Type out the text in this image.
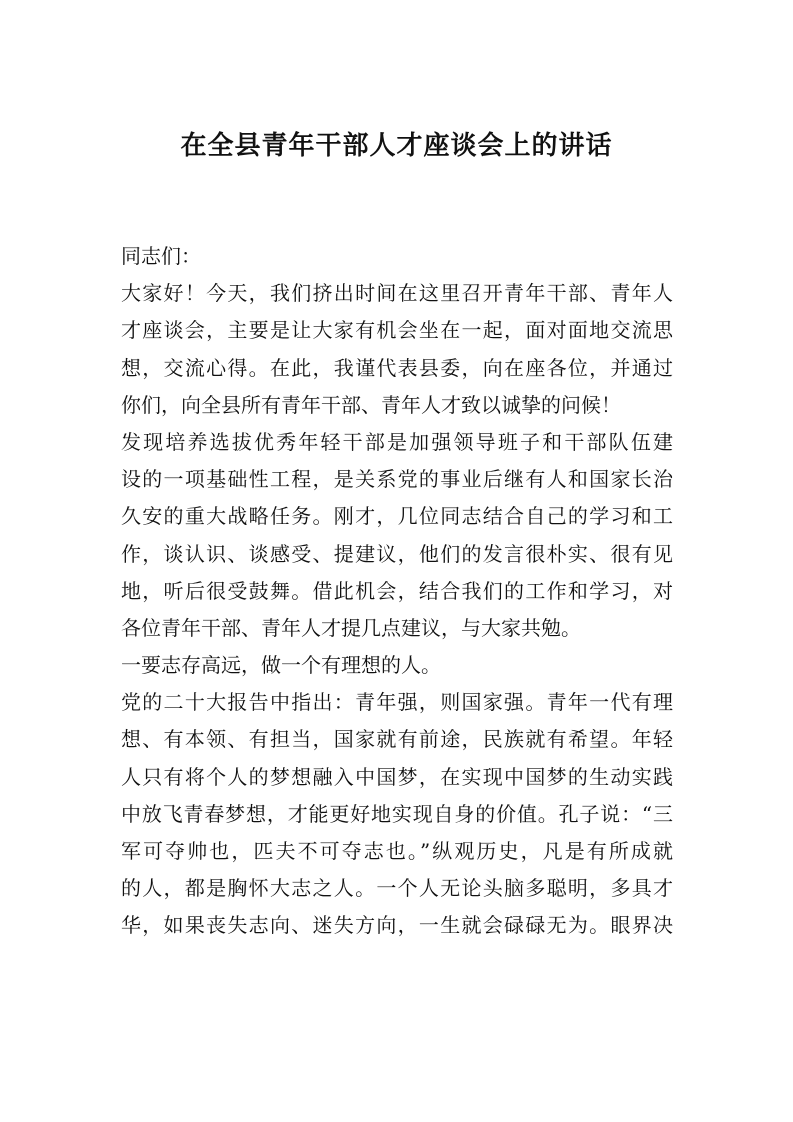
在全县青年干部人才座谈会上的讲话
同志们：
大家好！今天，我们挤出时间在这里召开青年干部、青年人
才座谈会，主要是让大家有机会坐在一起，面对面地交流思
想，交流心得。在此，我谨代表县委，向在座各位，并通过
你们，向全县所有青年干部、青年人才致以诚挚的问候！
发现培养选拔优秀年轻干部是加强领导班子和干部队伍建
设的一项基础性工程，是关系党的事业后继有人和国家长治
久安的重大战略任务。刚才，几位同志结合自己的学习和工
作，谈认识、谈感受、提建议，他们的发言很朴实、很有见
地，听后很受鼓舞。借此机会，结合我们的工作和学习，对
各位青年干部、青年人才提几点建议，与大家共勉。
一要志存高远，做一个有理想的人。
党的二十大报告中指出：青年强，则国家强。青年一代有理
想、有本领、有担当，国家就有前途，民族就有希望。年轻
人只有将个人的梦想融入中国梦，在实现中国梦的生动实践
中放飞青春梦想，才能更好地实现自身的价值。孔子说：“三
军可夺帅也，匹夫不可夺志也。”纵观历史，凡是有所成就
的人，都是胸怀大志之人。一个人无论头脑多聪明，多具才
华，如果丧失志向、迷失方向，一生就会碌碌无为。眼界决
